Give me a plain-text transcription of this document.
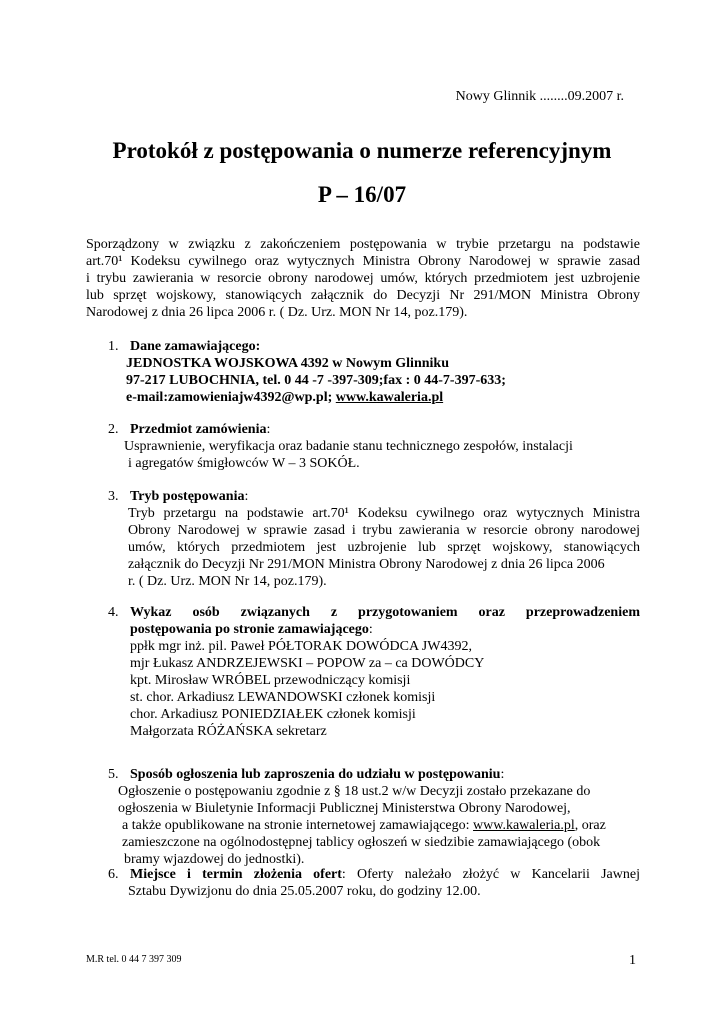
Nowy Glinnik ........09.2007 r.
Protokół z postępowania o numerze referencyjnym
P – 16/07
Sporządzony w związku z zakończeniem postępowania w trybie przetargu na podstawie
art.70¹ Kodeksu cywilnego oraz wytycznych Ministra Obrony Narodowej w sprawie zasad
i trybu zawierania w resorcie obrony narodowej umów, których przedmiotem jest uzbrojenie
lub sprzęt wojskowy, stanowiących załącznik do Decyzji Nr 291/MON Ministra Obrony
Narodowej z dnia 26 lipca 2006 r. ( Dz. Urz. MON Nr 14, poz.179).
1. Dane zamawiającego:
JEDNOSTKA WOJSKOWA 4392 w Nowym Glinniku
97-217 LUBOCHNIA, tel. 0 44 -7 -397-309;fax : 0 44-7-397-633;
e-mail:zamowieniajw4392@wp.pl; www.kawaleria.pl
2. Przedmiot zamówienia:
Usprawnienie, weryfikacja oraz badanie stanu technicznego zespołów, instalacji
i agregatów śmigłowców W – 3 SOKÓŁ.
3. Tryb postępowania:
Tryb przetargu na podstawie art.70¹ Kodeksu cywilnego oraz wytycznych Ministra
Obrony Narodowej w sprawie zasad i trybu zawierania w resorcie obrony narodowej
umów, których przedmiotem jest uzbrojenie lub sprzęt wojskowy, stanowiących
załącznik do Decyzji Nr 291/MON Ministra Obrony Narodowej z dnia 26 lipca 2006
r. ( Dz. Urz. MON Nr 14, poz.179).
4. Wykaz osób związanych z przygotowaniem oraz przeprowadzeniem
postępowania po stronie zamawiającego:
ppłk mgr inż. pil. Paweł PÓŁTORAK DOWÓDCA JW4392,
mjr Łukasz ANDRZEJEWSKI – POPOW za – ca DOWÓDCY
kpt. Mirosław WRÓBEL przewodniczący komisji
st. chor. Arkadiusz LEWANDOWSKI członek komisji
chor. Arkadiusz PONIEDZIAŁEK członek komisji
Małgorzata RÓŻAŃSKA sekretarz
5. Sposób ogłoszenia lub zaproszenia do udziału w postępowaniu:
Ogłoszenie o postępowaniu zgodnie z § 18 ust.2 w/w Decyzji zostało przekazane do
ogłoszenia w Biuletynie Informacji Publicznej Ministerstwa Obrony Narodowej,
a także opublikowane na stronie internetowej zamawiającego: www.kawaleria.pl, oraz
zamieszczone na ogólnodostępnej tablicy ogłoszeń w siedzibie zamawiającego (obok
bramy wjazdowej do jednostki).
6. Miejsce i termin złożenia ofert: Oferty należało złożyć w Kancelarii Jawnej
Sztabu Dywizjonu do dnia 25.05.2007 roku, do godziny 12.00.
M.R tel. 0 44 7 397 309	1
